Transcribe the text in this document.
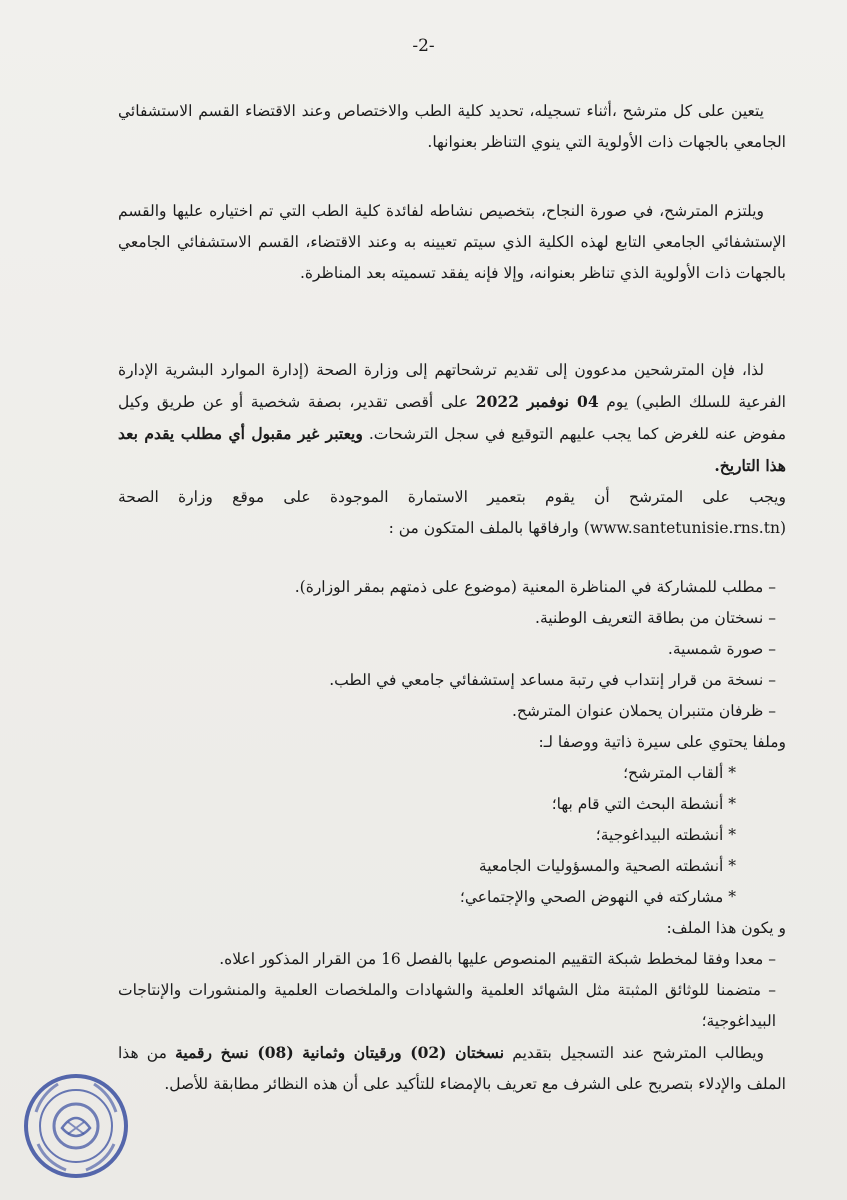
-2-

يتعين على كل مترشح ،أثناء تسجيله، تحديد كلية الطب والاختصاص وعند الاقتضاء القسم الاستشفائي الجامعي بالجهات ذات الأولوية التي ينوي التناظر بعنوانها.

ويلتزم المترشح، في صورة النجاح، بتخصيص نشاطه لفائدة كلية الطب التي تم اختياره عليها والقسم الإستشفائي الجامعي التابع لهذه الكلية الذي سيتم تعيينه به وعند الاقتضاء، القسم الاستشفائي الجامعي بالجهات ذات الأولوية الذي تناظر بعنوانه، وإلا فإنه يفقد تسميته بعد المناظرة.

لذا، فإن المترشحين مدعوون إلى تقديم ترشحاتهم إلى وزارة الصحة (إدارة الموارد البشرية الإدارة الفرعية للسلك الطبي) يوم 04 نوفمبر 2022 على أقصى تقدير، بصفة شخصية أو عن طريق وكيل مفوض عنه للغرض كما يجب عليهم التوقيع في سجل الترشحات. ويعتبر غير مقبول أي مطلب يقدم بعد هذا التاريخ.

ويجب على المترشح أن يقوم بتعمير الاستمارة الموجودة على موقع وزارة الصحة (www.santetunisie.rns.tn) وارفاقها بالملف المتكون من :

– مطلب للمشاركة في المناظرة المعنية (موضوع على ذمتهم بمقر الوزارة).

– نسختان من بطاقة التعريف الوطنية.

– صورة شمسية.

– نسخة من قرار إنتداب في رتبة مساعد إستشفائي جامعي في الطب.

– ظرفان متنبران يحملان عنوان المترشح.

وملفا يحتوي على سيرة ذاتية ووصفا لـ:

* ألقاب المترشح؛

* أنشطة البحث التي قام بها؛

* أنشطته البيداغوجية؛

* أنشطته الصحية والمسؤوليات الجامعية

* مشاركته في النهوض الصحي والإجتماعي؛

و يكون هذا الملف:

– معدا وفقا لمخطط شبكة التقييم المنصوص عليها بالفصل 16 من القرار المذكور اعلاه.

– متضمنا للوثائق المثبتة مثل الشهائد العلمية والشهادات والملخصات العلمية والمنشورات والإنتاجات البيداغوجية؛

ويطالب المترشح عند التسجيل بتقديم نسختان (02) ورقيتان وثمانية (08) نسخ رقمية من هذا الملف والإدلاء بتصريح على الشرف مع تعريف بالإمضاء للتأكيد على أن هذه النظائر مطابقة للأصل.
